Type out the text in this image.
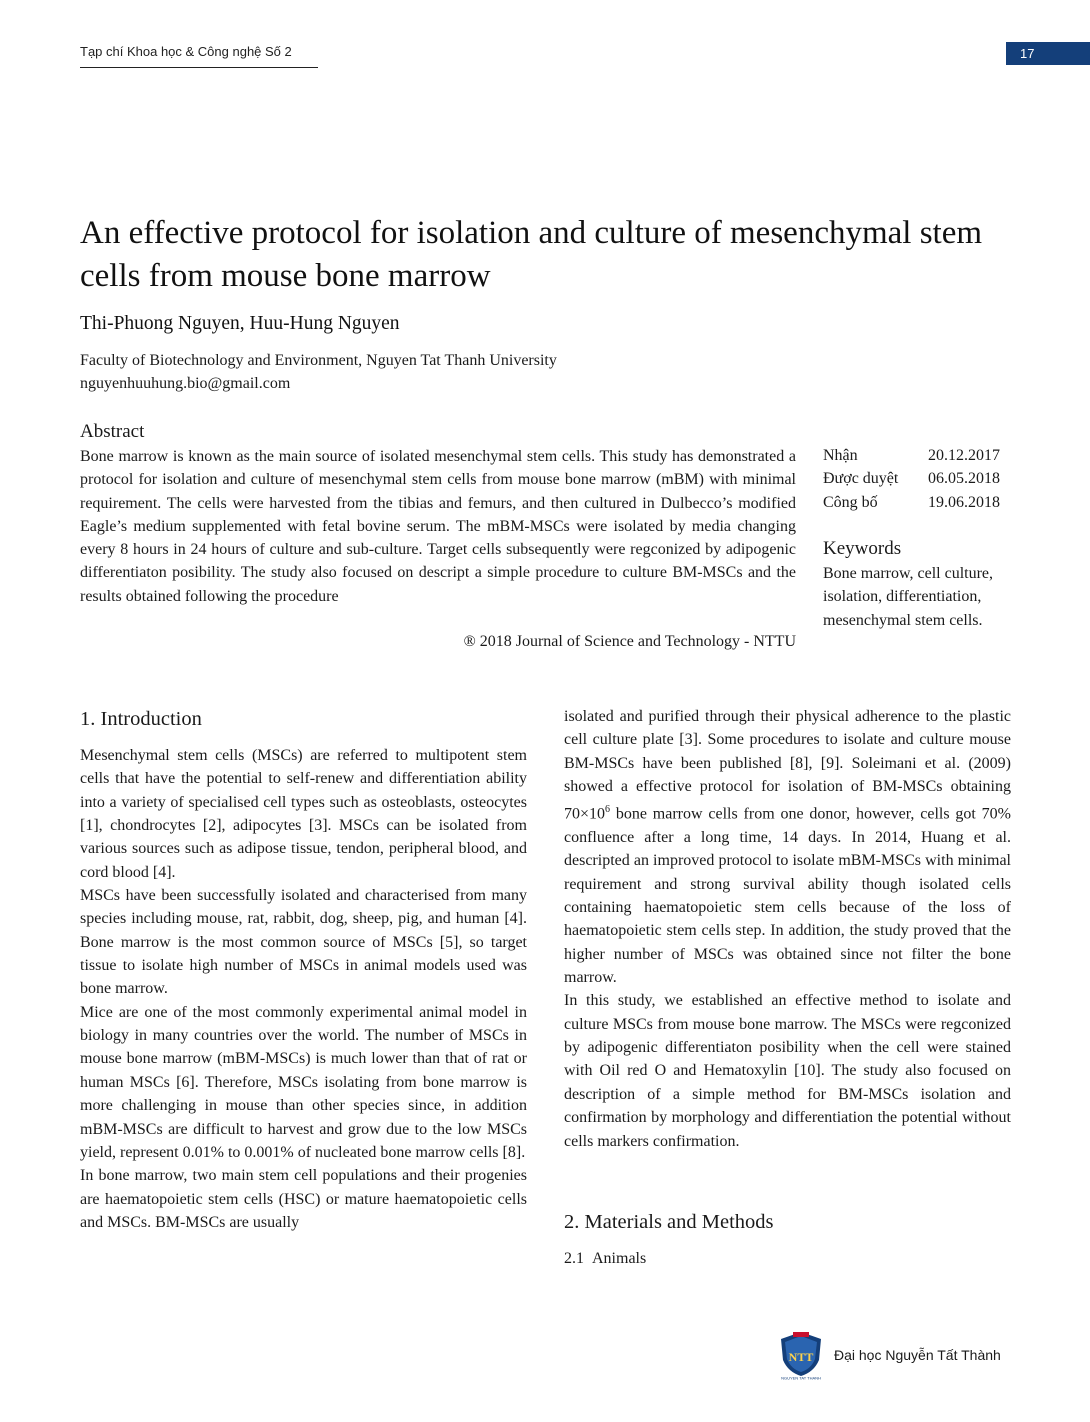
Tạp chí Khoa học & Công nghệ Số 2	17
An effective protocol for isolation and culture of mesenchymal stem cells from mouse bone marrow
Thi-Phuong Nguyen, Huu-Hung Nguyen
Faculty of Biotechnology and Environment, Nguyen Tat Thanh University
nguyenhuuhung.bio@gmail.com
Abstract

Bone marrow is known as the main source of isolated mesenchymal stem cells. This study has demonstrated a protocol for isolation and culture of mesenchymal stem cells from mouse bone marrow (mBM) with minimal requirement. The cells were harvested from the tibias and femurs, and then cultured in Dulbecco’s modified Eagle’s medium supplemented with fetal bovine serum. The mBM-MSCs were isolated by media changing every 8 hours in 24 hours of culture and sub-culture. Target cells subsequently were regconized by adipogenic differentiaton posibility. The study also focused on descript a simple procedure to culture BM-MSCs and the results obtained following the procedure

® 2018 Journal of Science and Technology - NTTU
Nhận	20.12.2017
Được duyệt	06.05.2018
Công bố	19.06.2018
Keywords

Bone marrow, cell culture, isolation, differentiation, mesenchymal stem cells.

1. Introduction

Mesenchymal stem cells (MSCs) are referred to multipotent stem cells that have the potential to self-renew and differentiation ability into a variety of specialised cell types such as osteoblasts, osteocytes [1], chondrocytes [2], adipocytes [3]. MSCs can be isolated from various sources such as adipose tissue, tendon, peripheral blood, and cord blood [4].

MSCs have been successfully isolated and characterised from many species including mouse, rat, rabbit, dog, sheep, pig, and human [4]. Bone marrow is the most common source of MSCs [5], so target tissue to isolate high number of MSCs in animal models used was bone marrow.

Mice are one of the most commonly experimental animal model in biology in many countries over the world. The number of MSCs in mouse bone marrow (mBM-MSCs) is much lower than that of rat or human MSCs [6]. Therefore, MSCs isolating from bone marrow is more challenging in mouse than other species since, in addition mBM-MSCs are difficult to harvest and grow due to the low MSCs yield, represent 0.01% to 0.001% of nucleated bone marrow cells [8].

In bone marrow, two main stem cell populations and their progenies are haematopoietic stem cells (HSC) or mature haematopoietic cells and MSCs. BM-MSCs are usually

isolated and purified through their physical adherence to the plastic cell culture plate [3]. Some procedures to isolate and culture mouse BM-MSCs have been published [8], [9]. Soleimani et al. (2009) showed a effective protocol for isolation of BM-MSCs obtaining $70\times 10^6$ bone marrow cells from one donor, however, cells got 70% confluence after a long time, 14 days. In 2014, Huang et al. descripted an improved protocol to isolate mBM-MSCs with minimal requirement and strong survival ability though isolated cells containing haematopoietic stem cells because of the loss of haematopoietic stem cells step. In addition, the study proved that the higher number of MSCs was obtained since not filter the bone marrow.

In this study, we established an effective method to isolate and culture MSCs from mouse bone marrow. The MSCs were regconized by adipogenic differentiaton posibility when the cell were stained with Oil red O and Hematoxylin [10]. The study also focused on description of a simple method for BM-MSCs isolation and confirmation by morphology and differentiation the potential without cells markers confirmation.

2. Materials and Methods
2.1 Animals
NTT
NGUYEN TAT THANH
Đại học Nguyễn Tất Thành
